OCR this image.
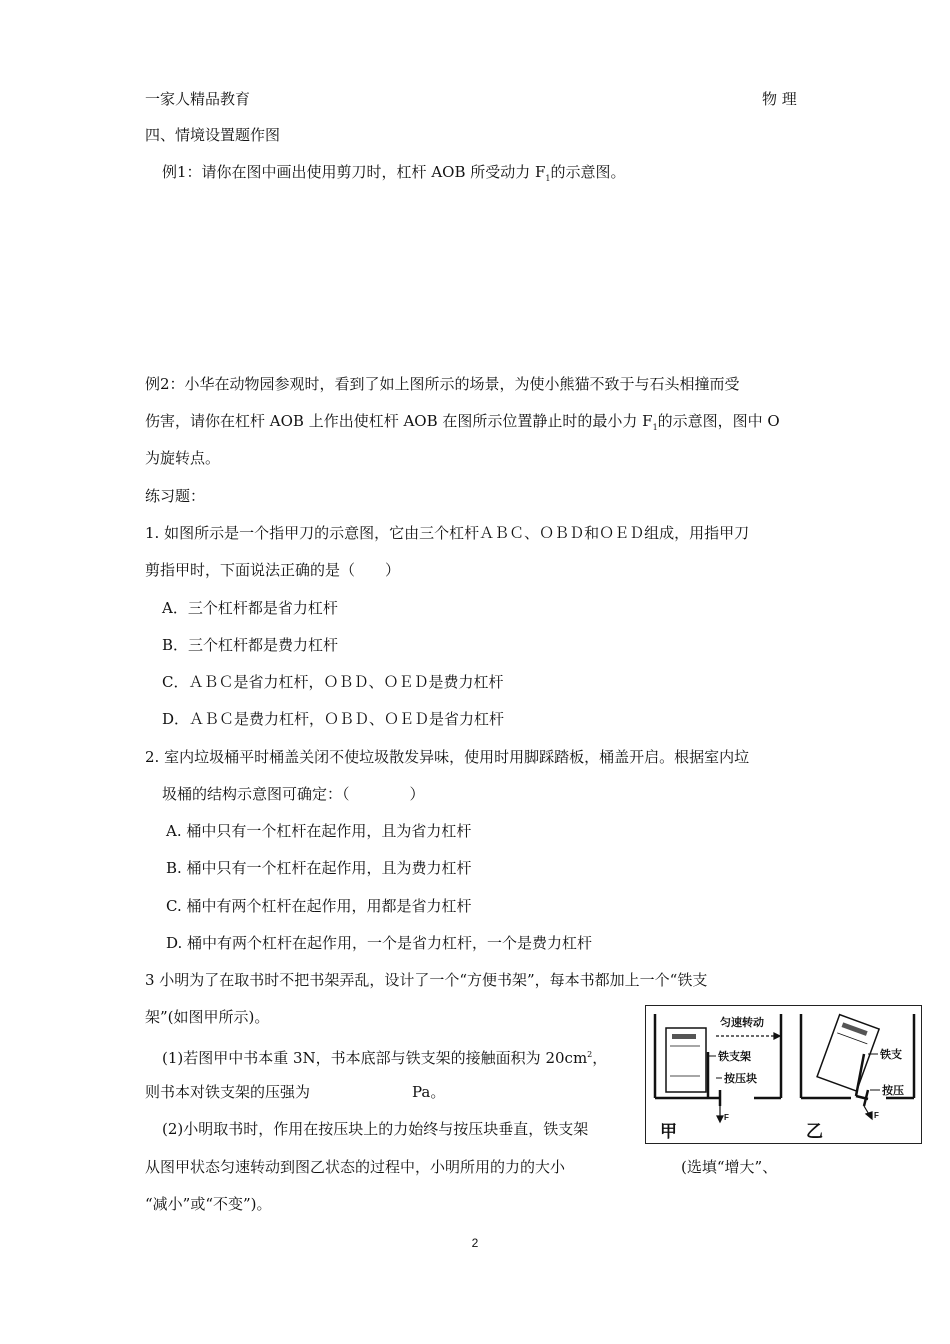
一家人精品教育	物 理
四、情境设置题作图
例1：请你在图中画出使用剪刀时，杠杆 AOB 所受动力 $F_1$的示意图。
例2：小华在动物园参观时，看到了如上图所示的场景，为使小熊猫不致于与石头相撞而受
伤害，请你在杠杆 AOB 上作出使杠杆 AOB 在图所示位置静止时的最小力 $F_1$的示意图，图中 O
为旋转点。
练习题：
1. 如图所示是一个指甲刀的示意图，它由三个杠杆ＡＢＣ、ＯＢＤ和ＯＥＤ组成，用指甲刀
剪指甲时，下面说法正确的是（　　）
A．三个杠杆都是省力杠杆
B．三个杠杆都是费力杠杆
C．ＡＢＣ是省力杠杆，ＯＢＤ、ＯＥＤ是费力杠杆
D．ＡＢＣ是费力杠杆，ＯＢＤ、ＯＥＤ是省力杠杆
2. 室内垃圾桶平时桶盖关闭不使垃圾散发异味，使用时用脚踩踏板，桶盖开启。根据室内垃
圾桶的结构示意图可确定：（　　　　）
A. 桶中只有一个杠杆在起作用，且为省力杠杆
B. 桶中只有一个杠杆在起作用，且为费力杠杆
C. 桶中有两个杠杆在起作用，用都是省力杠杆
D. 桶中有两个杠杆在起作用，一个是省力杠杆，一个是费力杠杆
3 小明为了在取书时不把书架弄乱，设计了一个“方便书架”，每本书都加上一个“铁支
架”(如图甲所示)。
(1)若图甲中书本重 3N，书本底部与铁支架的接触面积为 $20cm^2$，
则书本对铁支架的压强为	Pa。
(2)小明取书时，作用在按压块上的力始终与按压块垂直，铁支架
从图甲状态匀速转动到图乙状态的过程中，小明所用的力的大小	(选填“增大”、
“减小”或“不变”)。
F
铁支架
按压块
匀速转动
F
铁支
按压
甲	乙
2
